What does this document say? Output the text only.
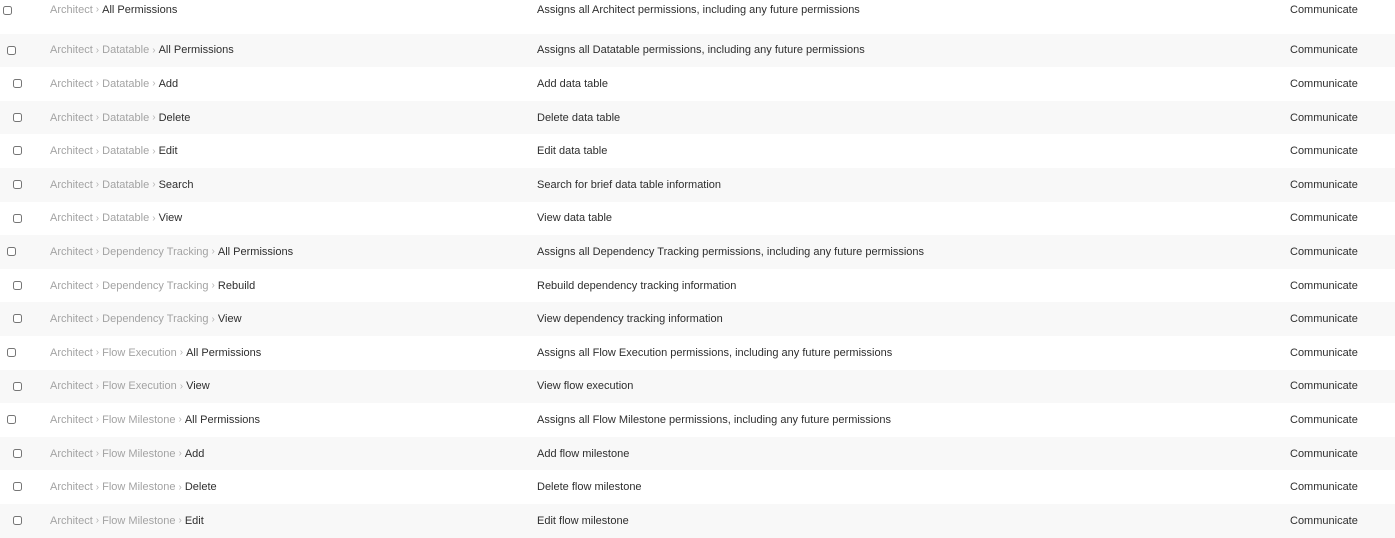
Architect › All Permissions	Assigns all Architect permissions, including any future permissions	Communicate
Architect › Datatable › All Permissions	Assigns all Datatable permissions, including any future permissions	Communicate
Architect › Datatable › Add	Add data table	Communicate
Architect › Datatable › Delete	Delete data table	Communicate
Architect › Datatable › Edit	Edit data table	Communicate
Architect › Datatable › Search	Search for brief data table information	Communicate
Architect › Datatable › View	View data table	Communicate
Architect › Dependency Tracking › All Permissions	Assigns all Dependency Tracking permissions, including any future permissions	Communicate
Architect › Dependency Tracking › Rebuild	Rebuild dependency tracking information	Communicate
Architect › Dependency Tracking › View	View dependency tracking information	Communicate
Architect › Flow Execution › All Permissions	Assigns all Flow Execution permissions, including any future permissions	Communicate
Architect › Flow Execution › View	View flow execution	Communicate
Architect › Flow Milestone › All Permissions	Assigns all Flow Milestone permissions, including any future permissions	Communicate
Architect › Flow Milestone › Add	Add flow milestone	Communicate
Architect › Flow Milestone › Delete	Delete flow milestone	Communicate
Architect › Flow Milestone › Edit	Edit flow milestone	Communicate
